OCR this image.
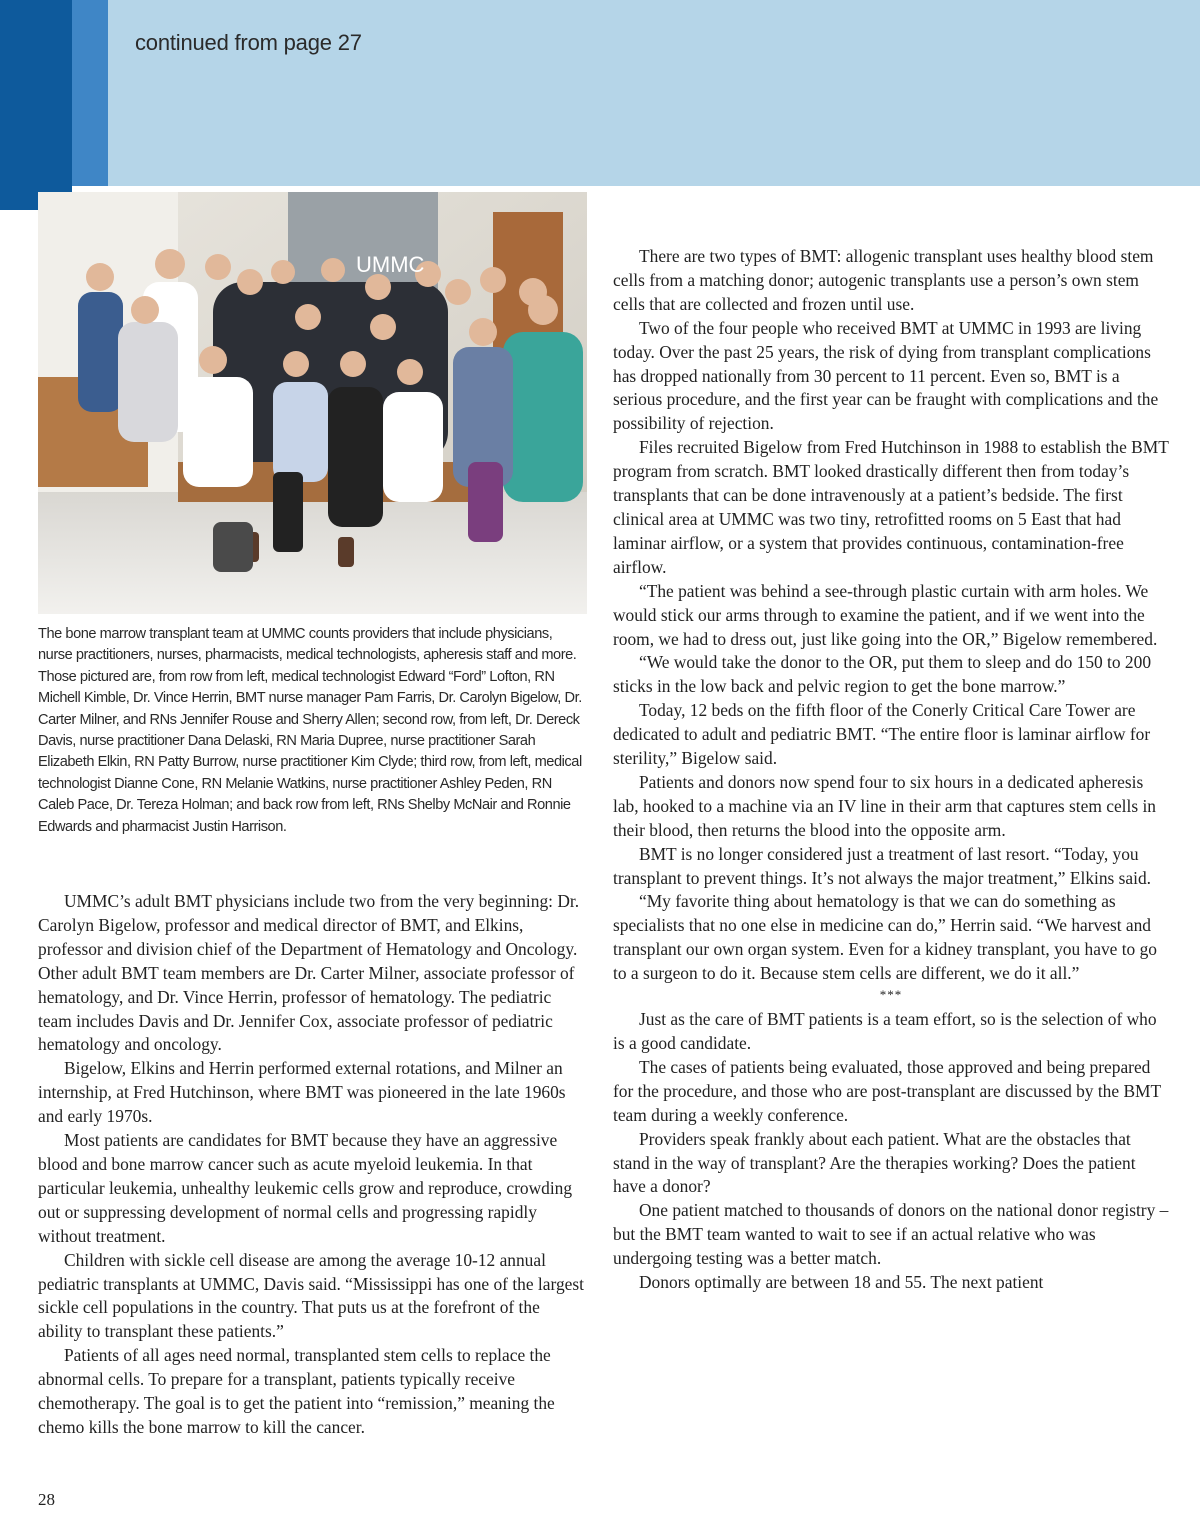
continued from page 27
UMMC
The bone marrow transplant team at UMMC counts providers that include physicians, nurse practitioners, nurses, pharmacists, medical technologists, apheresis staff and more. Those pictured are, from row from left, medical technologist Edward “Ford” Lofton, RN Michell Kimble, Dr. Vince Herrin, BMT nurse manager Pam Farris, Dr. Carolyn Bigelow, Dr. Carter Milner, and RNs Jennifer Rouse and Sherry Allen; second row, from left, Dr. Dereck Davis, nurse practitioner Dana Delaski, RN Maria Dupree, nurse practitioner Sarah Elizabeth Elkin, RN Patty Burrow, nurse practitioner Kim Clyde; third row, from left, medical technologist Dianne Cone, RN Melanie Watkins, nurse practitioner Ashley Peden, RN Caleb Pace, Dr. Tereza Holman; and back row from left, RNs Shelby McNair and Ronnie Edwards and pharmacist Justin Harrison.

UMMC’s adult BMT physicians include two from the very beginning: Dr. Carolyn Bigelow, professor and medical director of BMT, and Elkins, professor and division chief of the Department of Hematology and Oncology. Other adult BMT team members are Dr. Carter Milner, associate professor of hematology, and Dr. Vince Herrin, professor of hematology. The pediatric team includes Davis and Dr. Jennifer Cox, associate professor of pediatric hematology and oncology.

Bigelow, Elkins and Herrin performed external rotations, and Milner an internship, at Fred Hutchinson, where BMT was pioneered in the late 1960s and early 1970s.

Most patients are candidates for BMT because they have an aggressive blood and bone marrow cancer such as acute myeloid leukemia. In that particular leukemia, unhealthy leukemic cells grow and reproduce, crowding out or suppressing development of normal cells and progressing rapidly without treatment.

Children with sickle cell disease are among the average 10-12 annual pediatric transplants at UMMC, Davis said. “Mississippi has one of the largest sickle cell populations in the country. That puts us at the forefront of the ability to transplant these patients.”

Patients of all ages need normal, transplanted stem cells to replace the abnormal cells. To prepare for a transplant, patients typically receive chemotherapy. The goal is to get the patient into “remission,” meaning the chemo kills the bone marrow to kill the cancer.

There are two types of BMT: allogenic transplant uses healthy blood stem cells from a matching donor; autogenic transplants use a person’s own stem cells that are collected and frozen until use.

Two of the four people who received BMT at UMMC in 1993 are living today. Over the past 25 years, the risk of dying from transplant complications has dropped nationally from 30 percent to 11 percent. Even so, BMT is a serious procedure, and the first year can be fraught with complications and the possibility of rejection.

Files recruited Bigelow from Fred Hutchinson in 1988 to establish the BMT program from scratch. BMT looked drastically different then from today’s transplants that can be done intravenously at a patient’s bedside. The first clinical area at UMMC was two tiny, retrofitted rooms on 5 East that had laminar airflow, or a system that provides continuous, contamination-free airflow.

“The patient was behind a see-through plastic curtain with arm holes. We would stick our arms through to examine the patient, and if we went into the room, we had to dress out, just like going into the OR,” Bigelow remembered.

“We would take the donor to the OR, put them to sleep and do 150 to 200 sticks in the low back and pelvic region to get the bone marrow.”

Today, 12 beds on the fifth floor of the Conerly Critical Care Tower are dedicated to adult and pediatric BMT. “The entire floor is laminar airflow for sterility,” Bigelow said.

Patients and donors now spend four to six hours in a dedicated apheresis lab, hooked to a machine via an IV line in their arm that captures stem cells in their blood, then returns the blood into the opposite arm.

BMT is no longer considered just a treatment of last resort. “Today, you transplant to prevent things. It’s not always the major treatment,” Elkins said.

“My favorite thing about hematology is that we can do something as specialists that no one else in medicine can do,” Herrin said. “We harvest and transplant our own organ system. Even for a kidney transplant, you have to go to a surgeon to do it. Because stem cells are different, we do it all.”

***

Just as the care of BMT patients is a team effort, so is the selection of who is a good candidate.

The cases of patients being evaluated, those approved and being prepared for the procedure, and those who are post-transplant are discussed by the BMT team during a weekly conference.

Providers speak frankly about each patient. What are the obstacles that stand in the way of transplant? Are the therapies working? Does the patient have a donor?

One patient matched to thousands of donors on the national donor registry – but the BMT team wanted to wait to see if an actual relative who was undergoing testing was a better match.

Donors optimally are between 18 and 55. The next patient

28
